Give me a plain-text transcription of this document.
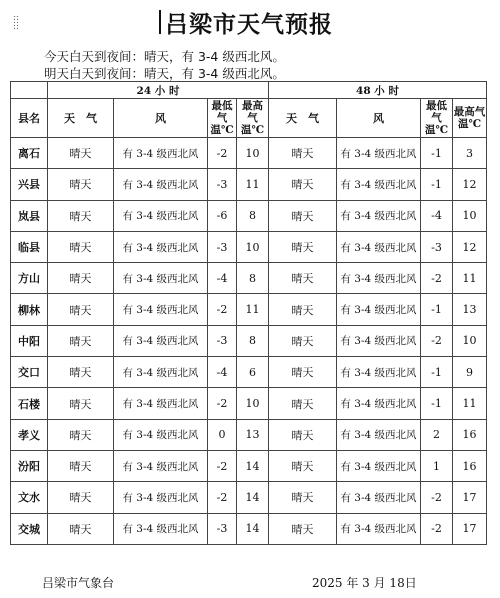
吕梁市天气预报
今天白天到夜间：晴天，有 3-4 级西北风。
明天白天到夜间：晴天，有 3-4 级西北风。
	24 小 时				48 小 时			
县名	天　气	风	最低气温℃	最高气温℃	天　气	风	最低气温℃	最高气温℃
离石	晴天	有 3-4 级西北风	-2	10	晴天	有 3-4 级西北风	-1	3
兴县	晴天	有 3-4 级西北风	-3	11	晴天	有 3-4 级西北风	-1	12
岚县	晴天	有 3-4 级西北风	-6	8	晴天	有 3-4 级西北风	-4	10
临县	晴天	有 3-4 级西北风	-3	10	晴天	有 3-4 级西北风	-3	12
方山	晴天	有 3-4 级西北风	-4	8	晴天	有 3-4 级西北风	-2	11
柳林	晴天	有 3-4 级西北风	-2	11	晴天	有 3-4 级西北风	-1	13
中阳	晴天	有 3-4 级西北风	-3	8	晴天	有 3-4 级西北风	-2	10
交口	晴天	有 3-4 级西北风	-4	6	晴天	有 3-4 级西北风	-1	9
石楼	晴天	有 3-4 级西北风	-2	10	晴天	有 3-4 级西北风	-1	11
孝义	晴天	有 3-4 级西北风	0	13	晴天	有 3-4 级西北风	2	16
汾阳	晴天	有 3-4 级西北风	-2	14	晴天	有 3-4 级西北风	1	16
文水	晴天	有 3-4 级西北风	-2	14	晴天	有 3-4 级西北风	-2	17
交城	晴天	有 3-4 级西北风	-3	14	晴天	有 3-4 级西北风	-2	17
吕梁市气象台	2025 年 3 月 18日
